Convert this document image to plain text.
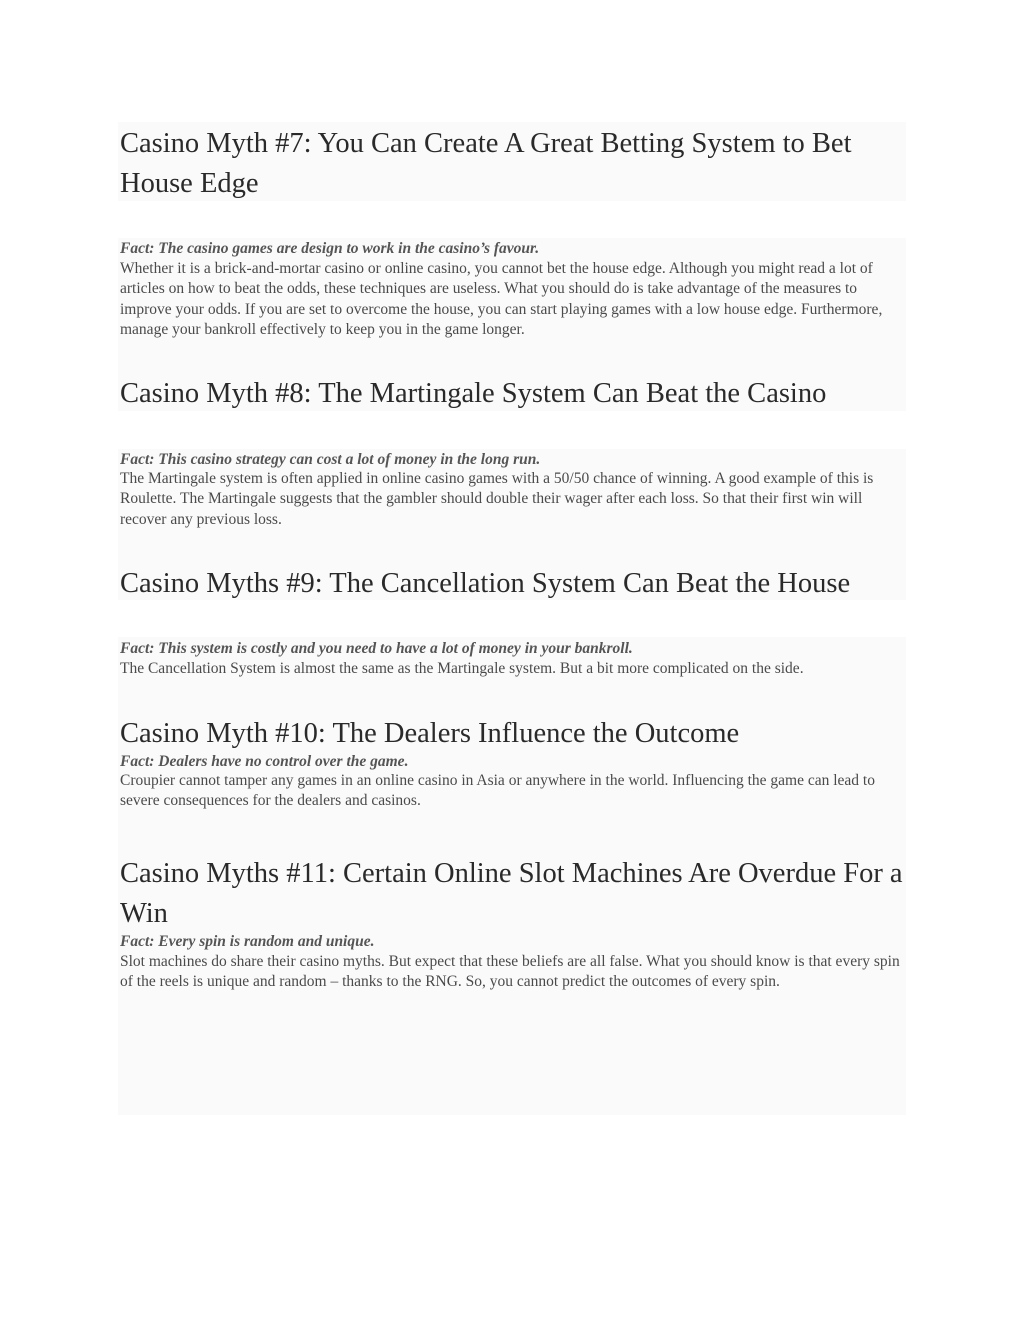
Casino Myth #7: You Can Create A Great Betting System to Bet House Edge

Fact: The casino games are design to work in the casino’s favour.

Whether it is a brick-and-mortar casino or online casino, you cannot bet the house edge. Although you might read a lot of articles on how to beat the odds, these techniques are useless. What you should do is take advantage of the measures to improve your odds. If you are set to overcome the house, you can start playing games with a low house edge. Furthermore, manage your bankroll effectively to keep you in the game longer.

Casino Myth #8: The Martingale System Can Beat the Casino

Fact: This casino strategy can cost a lot of money in the long run.

The Martingale system is often applied in online casino games with a 50/50 chance of winning. A good example of this is Roulette. The Martingale suggests that the gambler should double their wager after each loss. So that their first win will recover any previous loss.

Casino Myths #9: The Cancellation System Can Beat the House

Fact: This system is costly and you need to have a lot of money in your bankroll.

The Cancellation System is almost the same as the Martingale system. But a bit more complicated on the side.

Casino Myth #10: The Dealers Influence the Outcome

Fact: Dealers have no control over the game.

Croupier cannot tamper any games in an online casino in Asia or anywhere in the world. Influencing the game can lead to severe consequences for the dealers and casinos.

Casino Myths #11: Certain Online Slot Machines Are Overdue For a Win

Fact: Every spin is random and unique.

Slot machines do share their casino myths. But expect that these beliefs are all false. What you should know is that every spin of the reels is unique and random – thanks to the RNG. So, you cannot predict the outcomes of every spin.
